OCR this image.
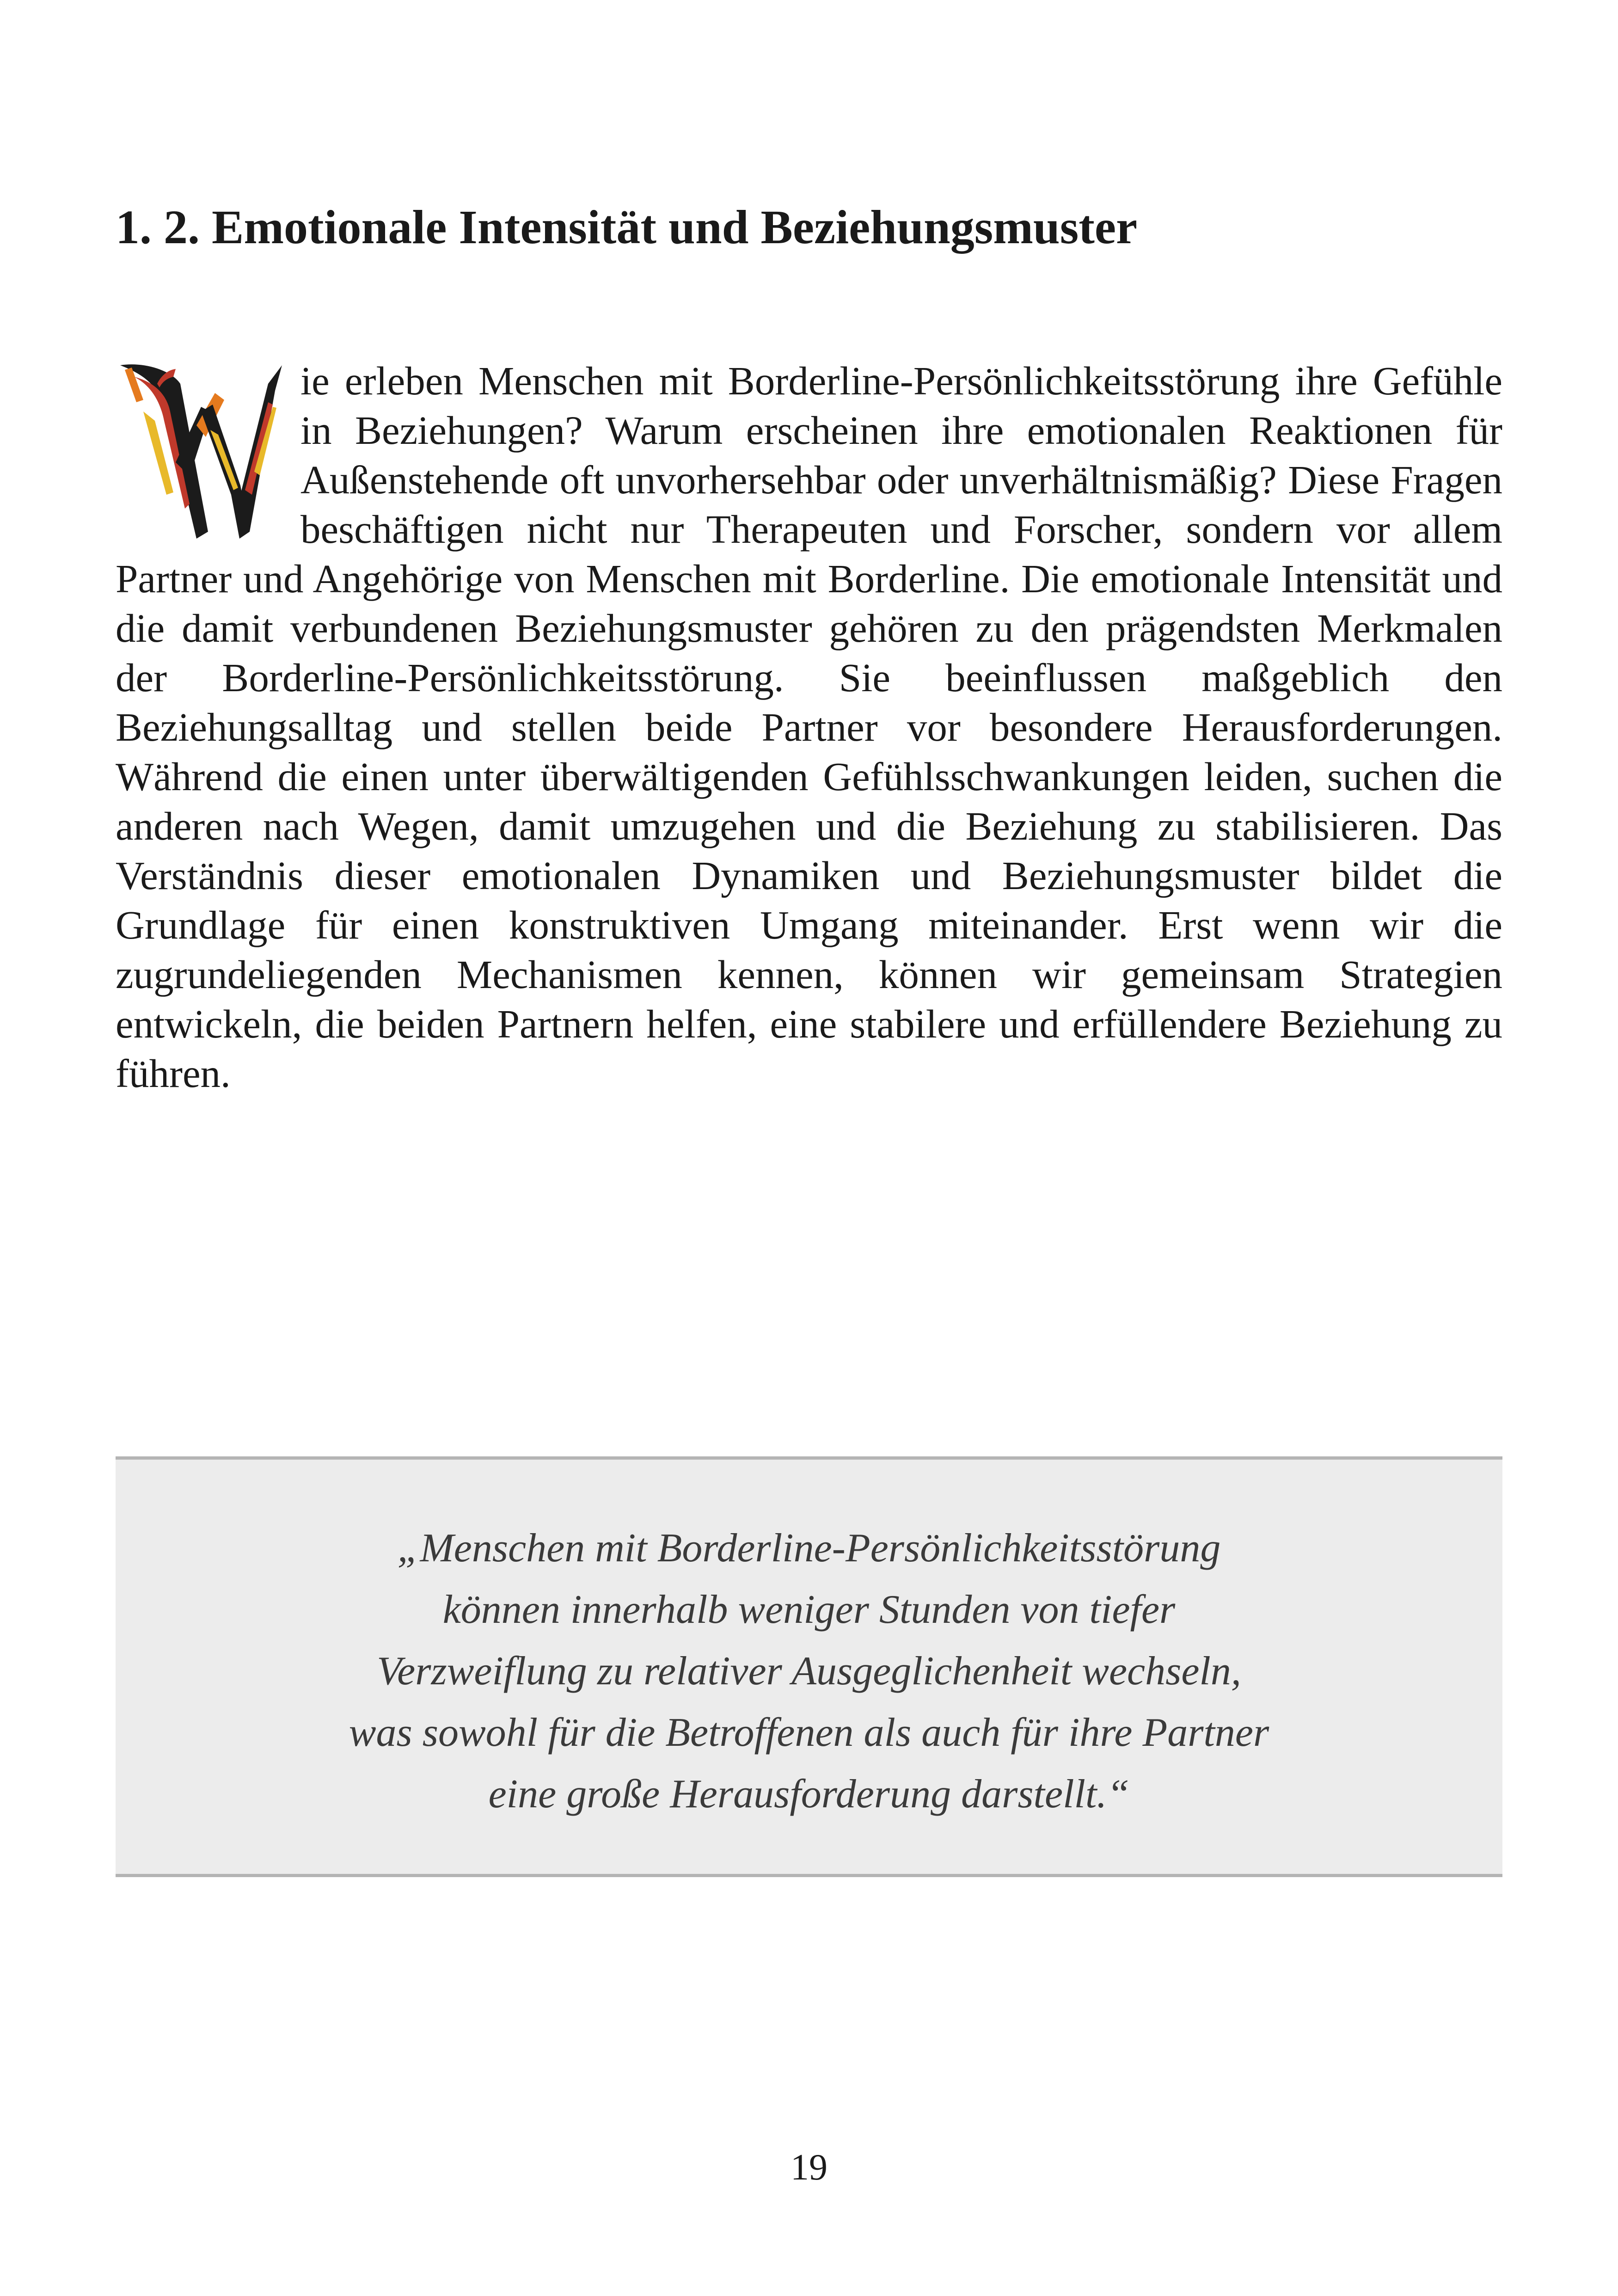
1. 2. Emotionale Intensität und Beziehungsmuster

ie erleben Menschen mit Borderline-Persönlichkeitsstörung ihre Gefühle in Beziehungen? Warum erscheinen ihre emotionalen Reaktionen für Außenstehende oft unvorhersehbar oder unverhältnismäßig? Diese Fragen beschäftigen nicht nur Therapeuten und Forscher, sondern vor allem Partner und Angehörige von Menschen mit Borderline. Die emotionale Intensität und die damit verbundenen Beziehungsmuster gehören zu den prägendsten Merkmalen der Borderline-Persönlichkeitsstörung. Sie beeinflussen maßgeblich den Beziehungsalltag und stellen beide Partner vor besondere Herausforderungen. Während die einen unter überwältigenden Gefühlsschwankungen leiden, suchen die anderen nach Wegen, damit umzugehen und die Beziehung zu stabilisieren. Das Verständnis dieser emotionalen Dynamiken und Beziehungsmuster bildet die Grundlage für einen konstruktiven Umgang miteinander. Erst wenn wir die zugrundeliegenden Mechanismen kennen, können wir gemeinsam Strategien entwickeln, die beiden Partnern helfen, eine stabilere und erfüllendere Beziehung zu führen.

„Menschen mit Borderline-Persönlichkeitsstörung
können innerhalb weniger Stunden von tiefer
Verzweiflung zu relativer Ausgeglichenheit wechseln,
was sowohl für die Betroffenen als auch für ihre Partner
eine große Herausforderung darstellt.“

19
